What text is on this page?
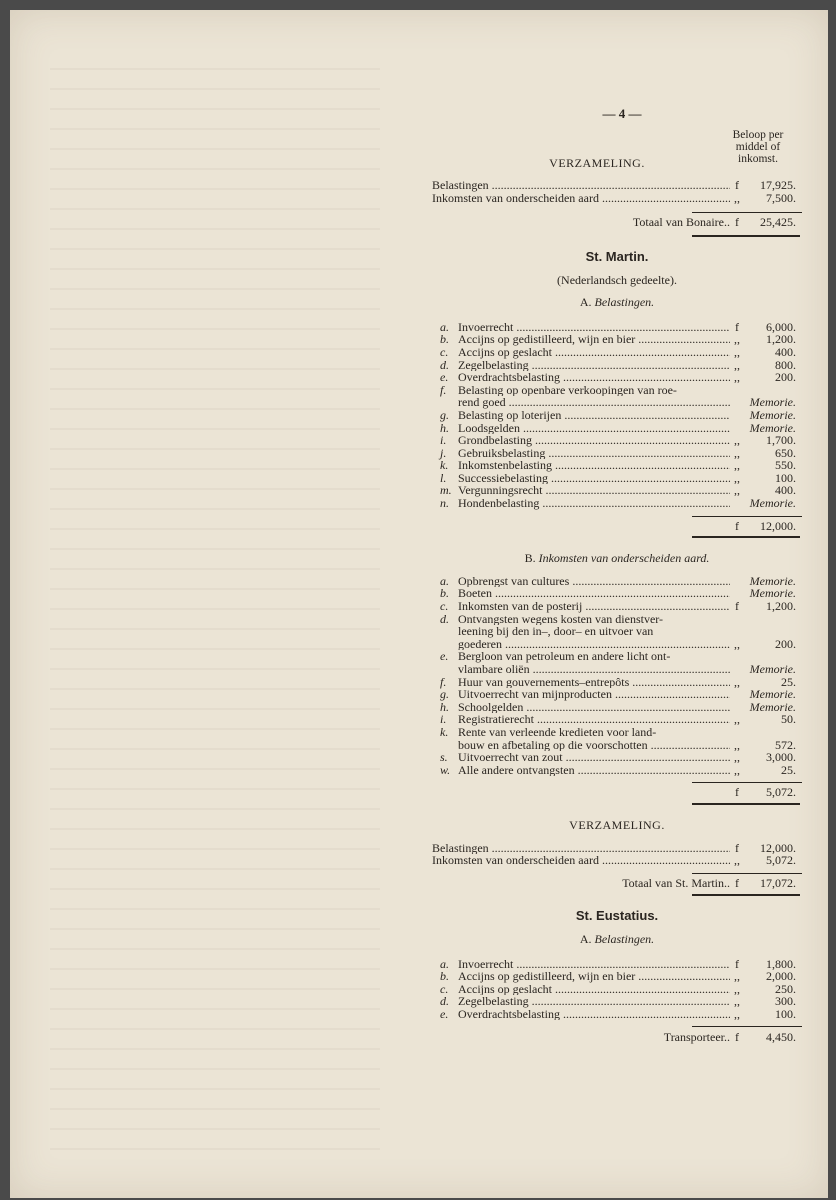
— 4 —
Beloop per middel of inkomst.
VERZAMELING.
Belastingen .....	f	17,925.
Inkomsten van onderscheiden aard .....	,,	7,500.
Totaal van Bonaire.. f	25,425.
St. Martin.
(Nederlandsch gedeelte).
A. Belastingen.
a. Invoerrecht .....	f	6,000.
b. Accijns op gedistilleerd, wijn en bier .....	,,	1,200.
c. Accijns op geslacht .....	,,	400.
d. Zegelbelasting .....	,,	800.
e. Overdrachtsbelasting .....	,,	200.
f. Belasting op openbare verkoopingen van roe-
rend goed .....	Memorie.
g. Belasting op loterijen .....	Memorie.
h. Loodsgelden .....	Memorie.
i. Grondbelasting .....	,,	1,700.
j. Gebruiksbelasting .....	,,	650.
k. Inkomstenbelasting .....	,,	550.
l. Successiebelasting .....	,,	100.
m. Vergunningsrecht .....	,,	400.
n. Hondenbelasting .....	Memorie.
f	12,000.
B. Inkomsten van onderscheiden aard.
a. Opbrengst van cultures .....	Memorie.
b. Boeten .....	Memorie.
c. Inkomsten van de posterij .....	f	1,200.
d. Ontvangsten wegens kosten van dienstver-
leening bij den in–, door– en uitvoer van
goederen .....	,,	200.
e. Bergloon van petroleum en andere licht ont-
vlambare oliën .....	Memorie.
f. Huur van gouvernements–entrepôts .....	,,	25.
g. Uitvoerrecht van mijnproducten .....	Memorie.
h. Schoolgelden .....	Memorie.
i. Registratierecht .....	,,	50.
k. Rente van verleende kredieten voor land-
bouw en afbetaling op die voorschotten .....	,,	572.
s. Uitvoerrecht van zout .....	,,	3,000.
w. Alle andere ontvangsten .....	,,	25.
f	5,072.
VERZAMELING.
Belastingen .....	f	12,000.
Inkomsten van onderscheiden aard .....	,,	5,072.
Totaal van St. Martin.. f	17,072.
St. Eustatius.
A. Belastingen.
a. Invoerrecht .....	f	1,800.
b. Accijns op gedistilleerd, wijn en bier .....	,,	2,000.
c. Accijns op geslacht .....	,,	250.
d. Zegelbelasting .....	,,	300.
e. Overdrachtsbelasting .....	,,	100.
Transporteer.. f	4,450.
